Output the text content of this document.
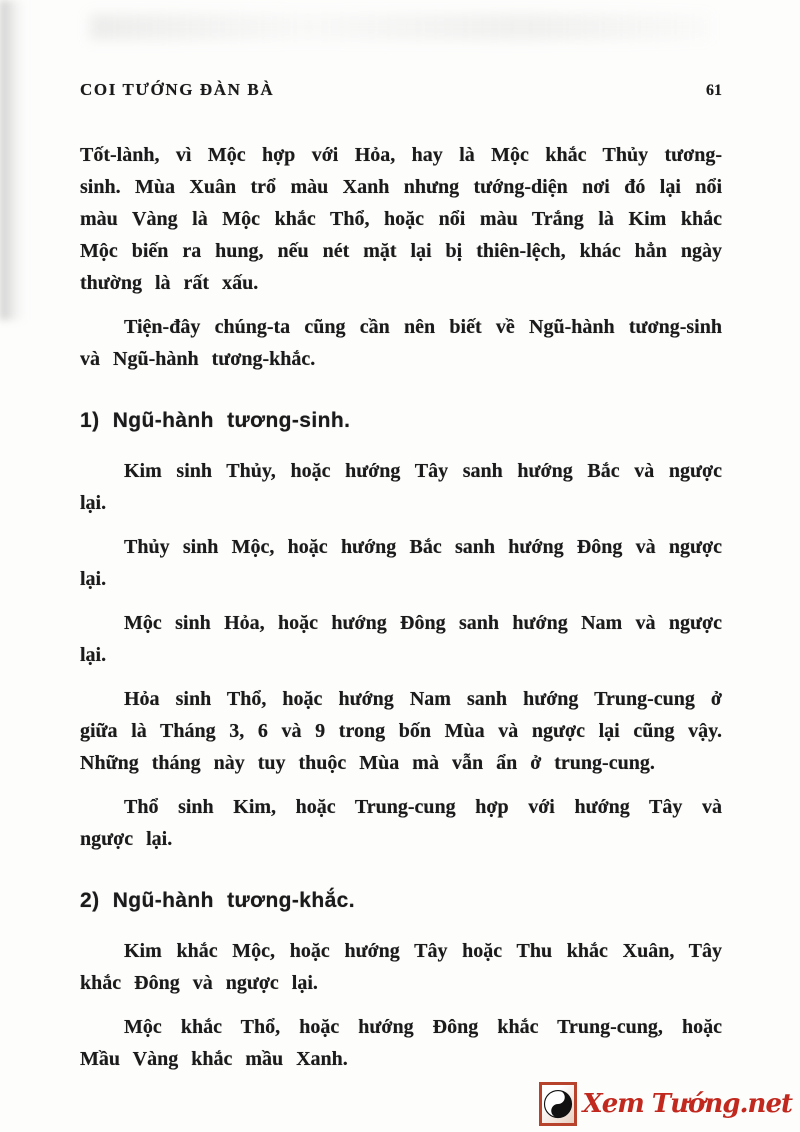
COI TƯỚNG ĐÀN BÀ	61

Tốt-lành, vì Mộc hợp với Hỏa, hay là Mộc khắc Thủy tương-sinh. Mùa Xuân trổ màu Xanh nhưng tướng-diện nơi đó lại nổi màu Vàng là Mộc khắc Thổ, hoặc nổi màu Trắng là Kim khắc Mộc biến ra hung, nếu nét mặt lại bị thiên-lệch, khác hẳn ngày thường là rất xấu.

Tiện-đây chúng-ta cũng cần nên biết về Ngũ-hành tương-sinh và Ngũ-hành tương-khắc.

1) Ngũ-hành tương-sinh.

Kim sinh Thủy, hoặc hướng Tây sanh hướng Bắc và ngược lại.

Thủy sinh Mộc, hoặc hướng Bắc sanh hướng Đông và ngược lại.

Mộc sinh Hỏa, hoặc hướng Đông sanh hướng Nam và ngược lại.

Hỏa sinh Thổ, hoặc hướng Nam sanh hướng Trung-cung ở giữa là Tháng 3, 6 và 9 trong bốn Mùa và ngược lại cũng vậy. Những tháng này tuy thuộc Mùa mà vẫn ẩn ở trung-cung.

Thổ sinh Kim, hoặc Trung-cung hợp với hướng Tây và ngược lại.

2) Ngũ-hành tương-khắc.

Kim khắc Mộc, hoặc hướng Tây hoặc Thu khắc Xuân, Tây khắc Đông và ngược lại.

Mộc khắc Thổ, hoặc hướng Đông khắc Trung-cung, hoặc Mầu Vàng khắc mầu Xanh.

Xem Tướng.net
